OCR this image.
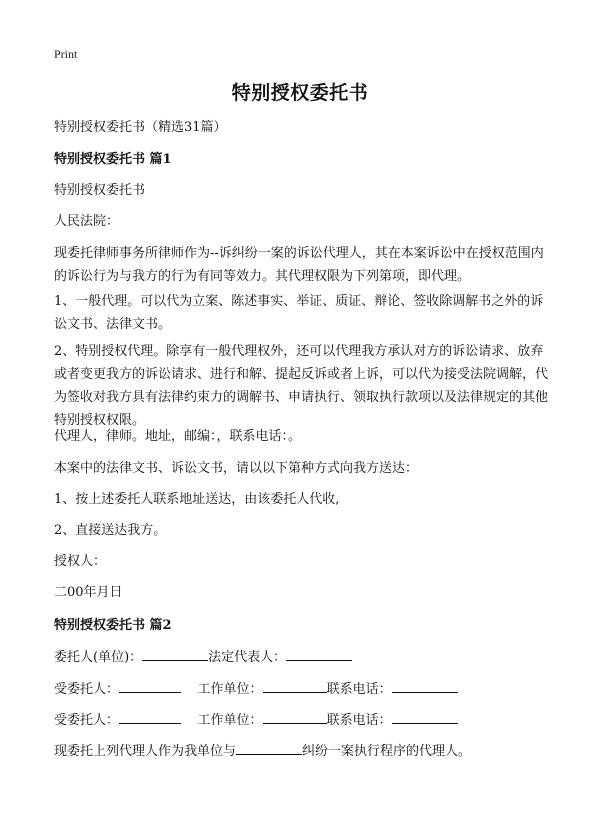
Print
特别授权委托书
特别授权委托书（精选31篇）
特别授权委托书 篇1
特别授权委托书
人民法院：
现委托律师事务所律师作为--诉纠纷一案的诉讼代理人，其在本案诉讼中在授权范围内的诉讼行为与我方的行为有同等效力。其代理权限为下列第项，即代理。
1、一般代理。可以代为立案、陈述事实、举证、质证、辩论、签收除调解书之外的诉讼文书、法律文书。
2、特别授权代理。除享有一般代理权外，还可以代理我方承认对方的诉讼请求、放弃或者变更我方的诉讼请求、进行和解、提起反诉或者上诉，可以代为接受法院调解，代为签收对我方具有法律约束力的调解书、申请执行、领取执行款项以及法律规定的其他特别授权权限。
代理人，律师。地址，邮编：，联系电话：。
本案中的法律文书、诉讼文书，请以以下第种方式向我方送达：
1、按上述委托人联系地址送达，由该委托人代收,
2、直接送达我方。
授权人：
二00年月日
特别授权委托书 篇2
委托人(单位)：	法定代表人：
受委托人：	工作单位：	联系电话：
受委托人：	工作单位：	联系电话：
现委托上列代理人作为我单位与	纠纷一案执行程序的代理人。
